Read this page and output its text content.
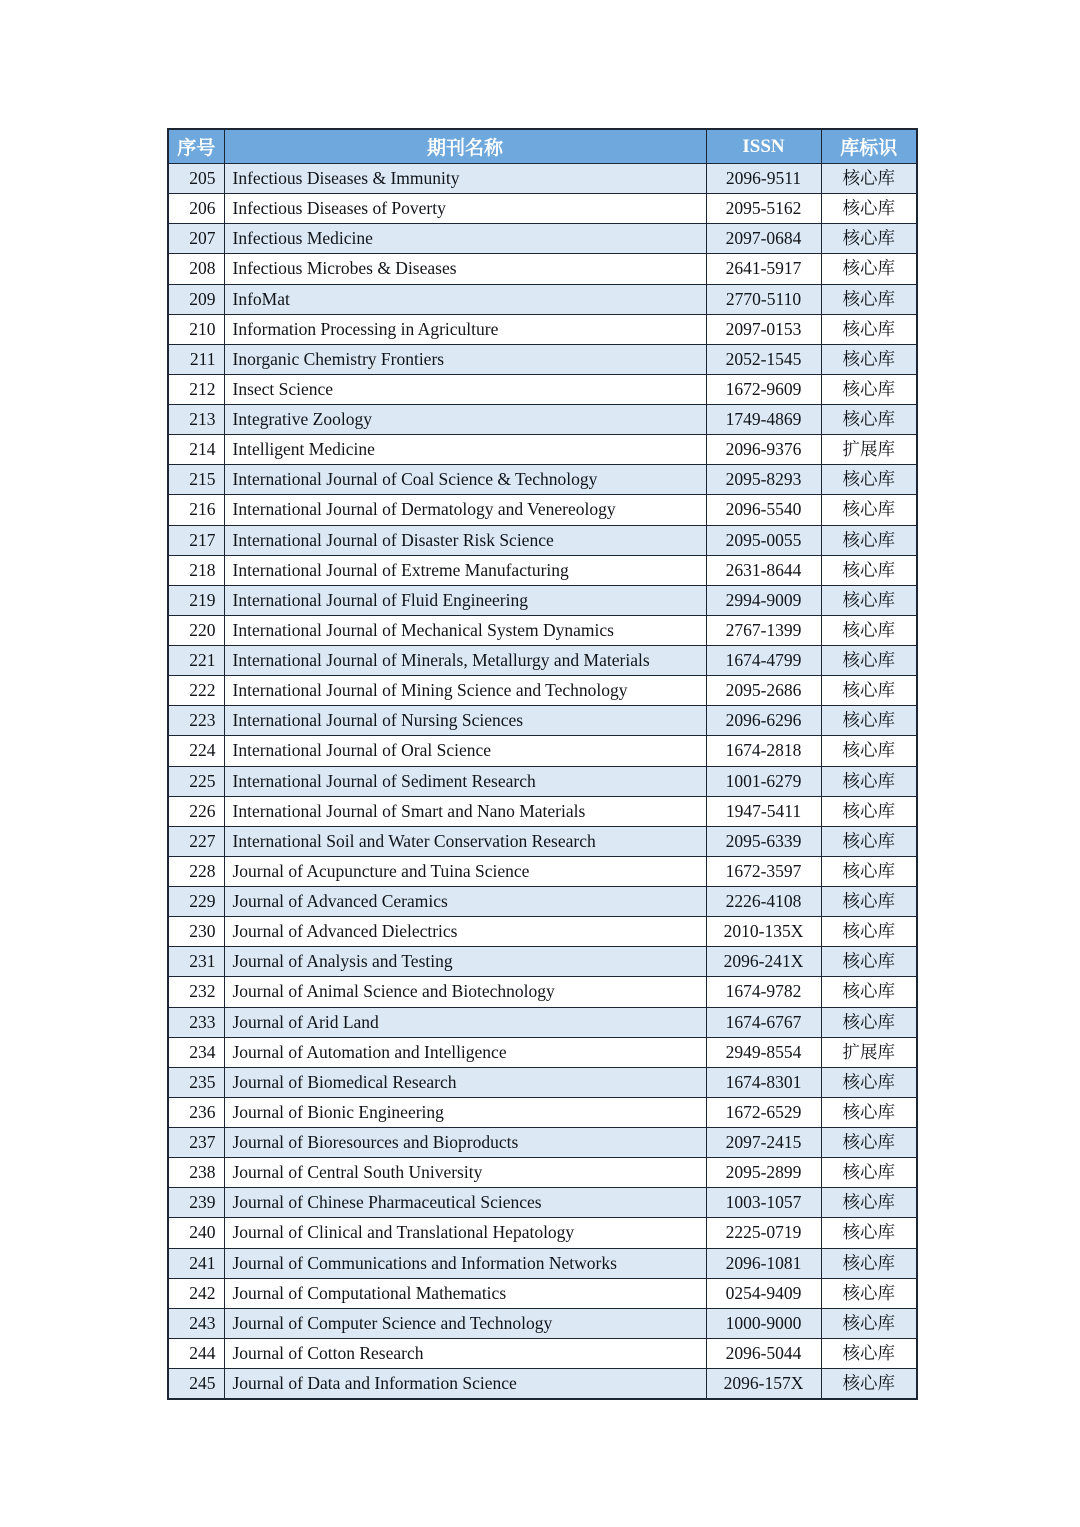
序号	期刊名称	ISSN	库标识
205	Infectious Diseases & Immunity	2096-9511	核心库
206	Infectious Diseases of Poverty	2095-5162	核心库
207	Infectious Medicine	2097-0684	核心库
208	Infectious Microbes & Diseases	2641-5917	核心库
209	InfoMat	2770-5110	核心库
210	Information Processing in Agriculture	2097-0153	核心库
211	Inorganic Chemistry Frontiers	2052-1545	核心库
212	Insect Science	1672-9609	核心库
213	Integrative Zoology	1749-4869	核心库
214	Intelligent Medicine	2096-9376	扩展库
215	International Journal of Coal Science & Technology	2095-8293	核心库
216	International Journal of Dermatology and Venereology	2096-5540	核心库
217	International Journal of Disaster Risk Science	2095-0055	核心库
218	International Journal of Extreme Manufacturing	2631-8644	核心库
219	International Journal of Fluid Engineering	2994-9009	核心库
220	International Journal of Mechanical System Dynamics	2767-1399	核心库
221	International Journal of Minerals, Metallurgy and Materials	1674-4799	核心库
222	International Journal of Mining Science and Technology	2095-2686	核心库
223	International Journal of Nursing Sciences	2096-6296	核心库
224	International Journal of Oral Science	1674-2818	核心库
225	International Journal of Sediment Research	1001-6279	核心库
226	International Journal of Smart and Nano Materials	1947-5411	核心库
227	International Soil and Water Conservation Research	2095-6339	核心库
228	Journal of Acupuncture and Tuina Science	1672-3597	核心库
229	Journal of Advanced Ceramics	2226-4108	核心库
230	Journal of Advanced Dielectrics	2010-135X	核心库
231	Journal of Analysis and Testing	2096-241X	核心库
232	Journal of Animal Science and Biotechnology	1674-9782	核心库
233	Journal of Arid Land	1674-6767	核心库
234	Journal of Automation and Intelligence	2949-8554	扩展库
235	Journal of Biomedical Research	1674-8301	核心库
236	Journal of Bionic Engineering	1672-6529	核心库
237	Journal of Bioresources and Bioproducts	2097-2415	核心库
238	Journal of Central South University	2095-2899	核心库
239	Journal of Chinese Pharmaceutical Sciences	1003-1057	核心库
240	Journal of Clinical and Translational Hepatology	2225-0719	核心库
241	Journal of Communications and Information Networks	2096-1081	核心库
242	Journal of Computational Mathematics	0254-9409	核心库
243	Journal of Computer Science and Technology	1000-9000	核心库
244	Journal of Cotton Research	2096-5044	核心库
245	Journal of Data and Information Science	2096-157X	核心库
